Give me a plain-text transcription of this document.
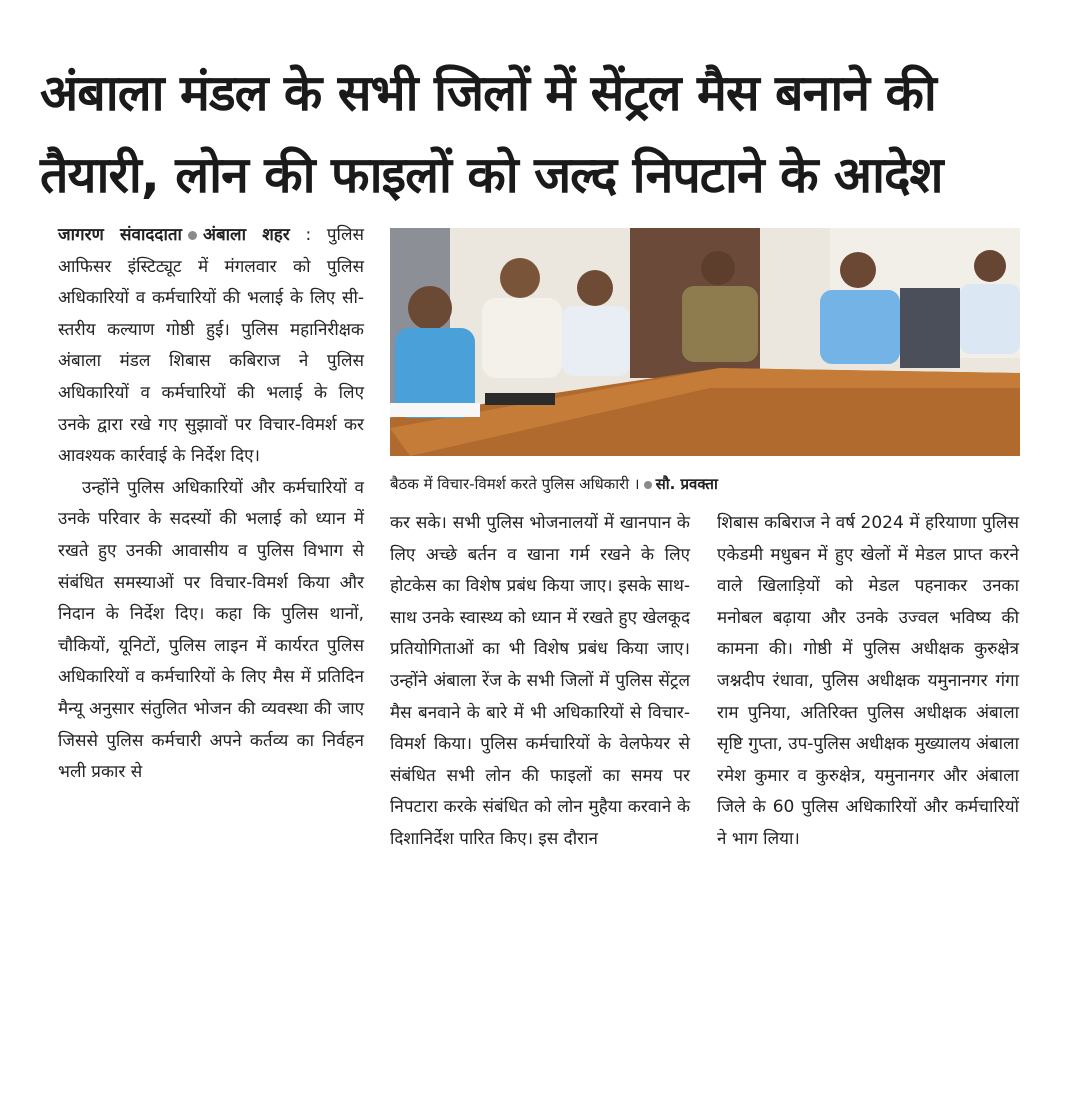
अंबाला मंडल के सभी जिलों में सेंट्रल मैस बनाने की
तैयारी, लोन की फाइलों को जल्द निपटाने के आदेश

जागरण संवाददाता अंबाला शहर : पुलिस आफिसर इंस्टिट्यूट में मंगलवार को पुलिस अधिकारियों व कर्मचारियों की भलाई के लिए सी-स्तरीय कल्याण गोष्ठी हुई। पुलिस महानिरीक्षक अंबाला मंडल शिबास कबिराज ने पुलिस अधिकारियों व कर्मचारियों की भलाई के लिए उनके द्वारा रखे गए सुझावों पर विचार-विमर्श कर आवश्यक कार्रवाई के निर्देश दिए।

उन्होंने पुलिस अधिकारियों और कर्मचारियों व उनके परिवार के सदस्यों की भलाई को ध्यान में रखते हुए उनकी आवासीय व पुलिस विभाग से संबंधित समस्याओं पर विचार-विमर्श किया और निदान के निर्देश दिए। कहा कि पुलिस थानों, चौकियों, यूनिटों, पुलिस लाइन में कार्यरत पुलिस अधिकारियों व कर्मचारियों के लिए मैस में प्रतिदिन मैन्यू अनुसार संतुलित भोजन की व्यवस्था की जाए जिससे पुलिस कर्मचारी अपने कर्तव्य का निर्वहन भली प्रकार से

बैठक में विचार-विमर्श करते पुलिस अधिकारी । सौ. प्रवक्ता

कर सके। सभी पुलिस भोजनालयों में खानपान के लिए अच्छे बर्तन व खाना गर्म रखने के लिए होटकेस का विशेष प्रबंध किया जाए। इसके साथ-साथ उनके स्वास्थ्य को ध्यान में रखते हुए खेलकूद प्रतियोगिताओं का भी विशेष प्रबंध किया जाए। उन्होंने अंबाला रेंज के सभी जिलों में पुलिस सेंट्रल मैस बनवाने के बारे में भी अधिकारियों से विचार-विमर्श किया। पुलिस कर्मचारियों के वेलफेयर से संबंधित सभी लोन की फाइलों का समय पर निपटारा करके संबंधित को लोन मुहैया करवाने के दिशानिर्देश पारित किए। इस दौरान

शिबास कबिराज ने वर्ष 2024 में हरियाणा पुलिस एकेडमी मधुबन में हुए खेलों में मेडल प्राप्त करने वाले खिलाड़ियों को मेडल पहनाकर उनका मनोबल बढ़ाया और उनके उज्वल भविष्य की कामना की। गोष्ठी में पुलिस अधीक्षक कुरुक्षेत्र जश्नदीप रंधावा, पुलिस अधीक्षक यमुनानगर गंगा राम पुनिया, अतिरिक्त पुलिस अधीक्षक अंबाला सृष्टि गुप्ता, उप-पुलिस अधीक्षक मुख्यालय अंबाला रमेश कुमार व कुरुक्षेत्र, यमुनानगर और अंबाला जिले के 60 पुलिस अधिकारियों और कर्मचारियों ने भाग लिया।
